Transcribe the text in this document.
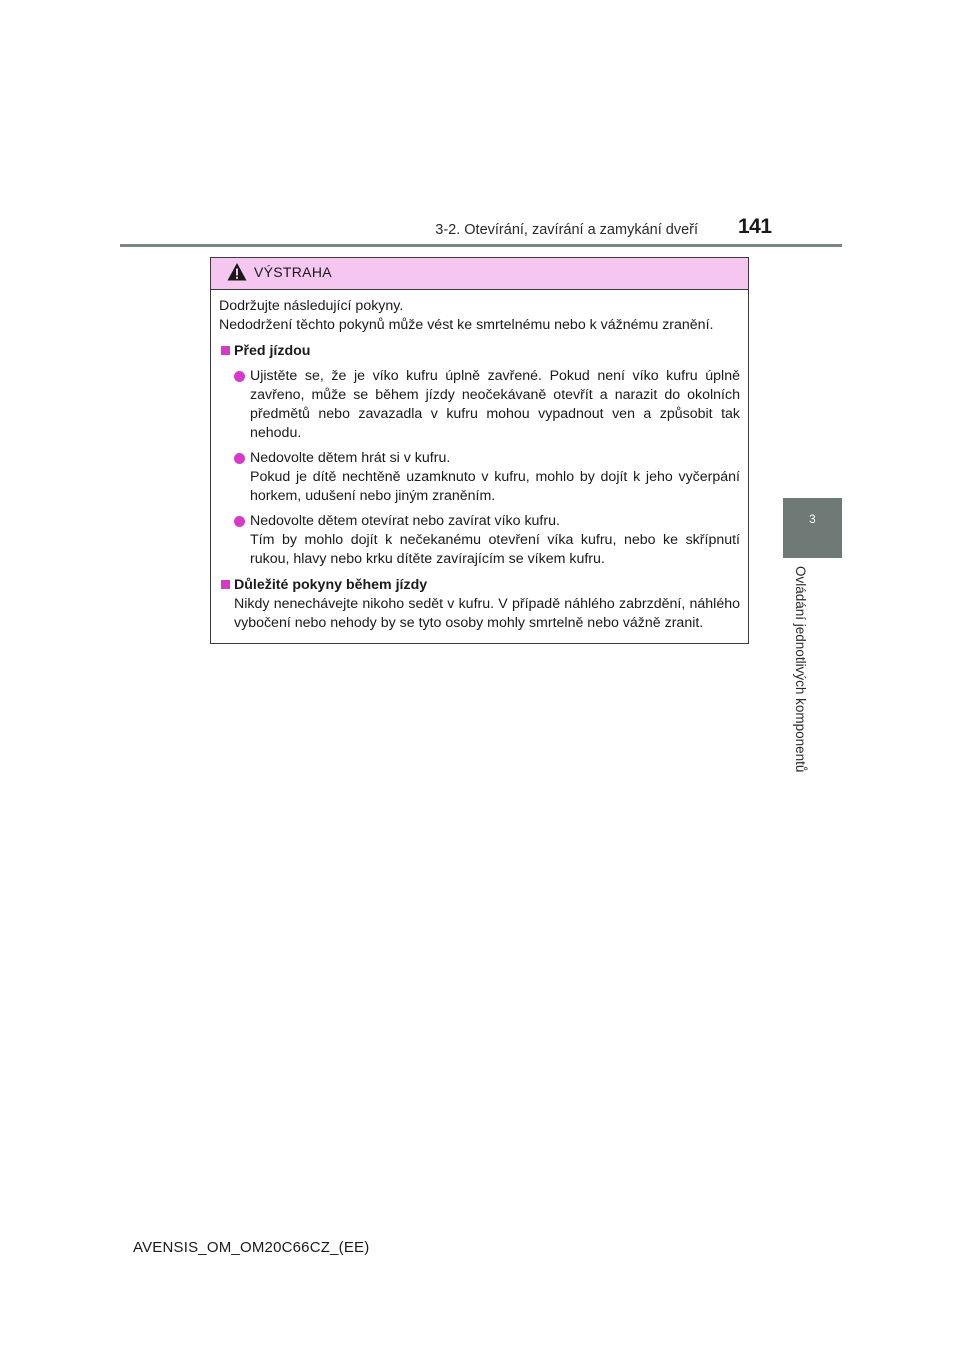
3-2. Otevírání, zavírání a zamykání dveří 141
3
Ovládání jednotlivých komponentů
VÝSTRAHA
Dodržujte následující pokyny.
Nedodržení těchto pokynů může vést ke smrtelnému nebo k vážnému zranění.
Před jízdou
Ujistěte se, že je víko kufru úplně zavřené. Pokud není víko kufru úplně zavřeno, může se během jízdy neočekávaně otevřít a narazit do okolních předmětů nebo zavazadla v kufru mohou vypadnout ven a způsobit tak nehodu.
Nedovolte dětem hrát si v kufru.
Pokud je dítě nechtěně uzamknuto v kufru, mohlo by dojít k jeho vyčerpání horkem, udušení nebo jiným zraněním.
Nedovolte dětem otevírat nebo zavírat víko kufru.
Tím by mohlo dojít k nečekanému otevření víka kufru, nebo ke skřípnutí rukou, hlavy nebo krku dítěte zavírajícím se víkem kufru.
Důležité pokyny během jízdy
Nikdy nenechávejte nikoho sedět v kufru. V případě náhlého zabrzdění, náhlého vybočení nebo nehody by se tyto osoby mohly smrtelně nebo vážně zranit.
AVENSIS_OM_OM20C66CZ_(EE)
